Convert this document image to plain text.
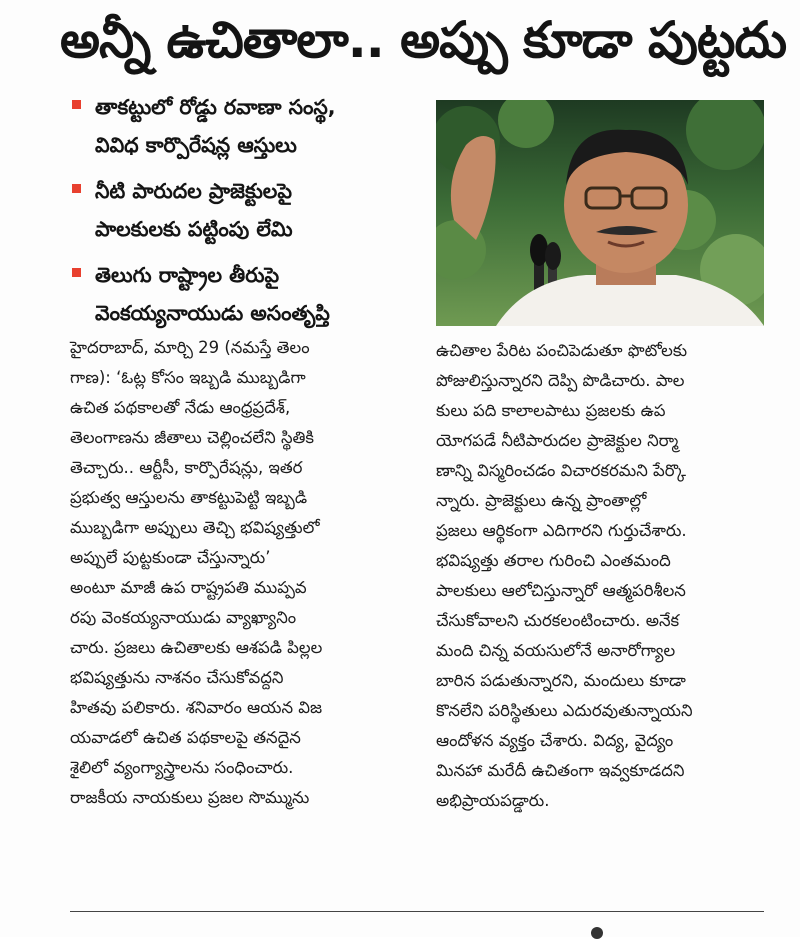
అన్నీ ఉచితాలా.. అప్పు కూడా పుట్టదు
తాకట్టులో రోడ్డు రవాణా సంస్థ,
వివిధ కార్పొరేషన్ల ఆస్తులు
నీటి పారుదల ప్రాజెక్టులపై
పాలకులకు పట్టింపు లేమి
తెలుగు రాష్ట్రాల తీరుపై
వెంకయ్యనాయుడు అసంతృప్తి
హైదరాబాద్, మార్చి 29 (నమస్తే తెలం
గాణ): ‘ఓట్ల కోసం ఇబ్బడి ముబ్బడిగా
ఉచిత పథకాలతో నేడు ఆంధ్రప్రదేశ్,
తెలంగాణను జీతాలు చెల్లించలేని స్థితికి
తెచ్చారు.. ఆర్టీసీ, కార్పొరేషన్లు, ఇతర
ప్రభుత్వ ఆస్తులను తాకట్టుపెట్టి ఇబ్బడి
ముబ్బడిగా అప్పులు తెచ్చి భవిష్యత్తులో
అప్పులే పుట్టకుండా చేస్తున్నారు’
అంటూ మాజీ ఉప రాష్ట్రపతి ముప్పవ
రపు వెంకయ్యనాయుడు వ్యాఖ్యానిం
చారు. ప్రజలు ఉచితాలకు ఆశపడి పిల్లల
భవిష్యత్తును నాశనం చేసుకోవద్దని
హితవు పలికారు. శనివారం ఆయన విజ
యవాడలో ఉచిత పథకాలపై తనదైన
శైలిలో వ్యంగ్యాస్త్రాలను సంధించారు.
రాజకీయ నాయకులు ప్రజల సొమ్మును
ఉచితాల పేరిట పంచిపెడుతూ ఫొటోలకు
పోజులిస్తున్నారని దెప్పి పొడిచారు. పాల
కులు పది కాలాలపాటు ప్రజలకు ఉప
యోగపడే నీటిపారుదల ప్రాజెక్టుల నిర్మా
ణాన్ని విస్మరించడం విచారకరమని పేర్కొ
న్నారు. ప్రాజెక్టులు ఉన్న ప్రాంతాల్లో
ప్రజలు ఆర్థికంగా ఎదిగారని గుర్తుచేశారు.
భవిష్యత్తు తరాల గురించి ఎంతమంది
పాలకులు ఆలోచిస్తున్నారో ఆత్మపరిశీలన
చేసుకోవాలని చురకలంటించారు. అనేక
మంది చిన్న వయసులోనే అనారోగ్యాల
బారిన పడుతున్నారని, మందులు కూడా
కొనలేని పరిస్థితులు ఎదురవుతున్నాయని
ఆందోళన వ్యక్తం చేశారు. విద్య, వైద్యం
మినహా మరేదీ ఉచితంగా ఇవ్వకూడదని
అభిప్రాయపడ్డారు.
